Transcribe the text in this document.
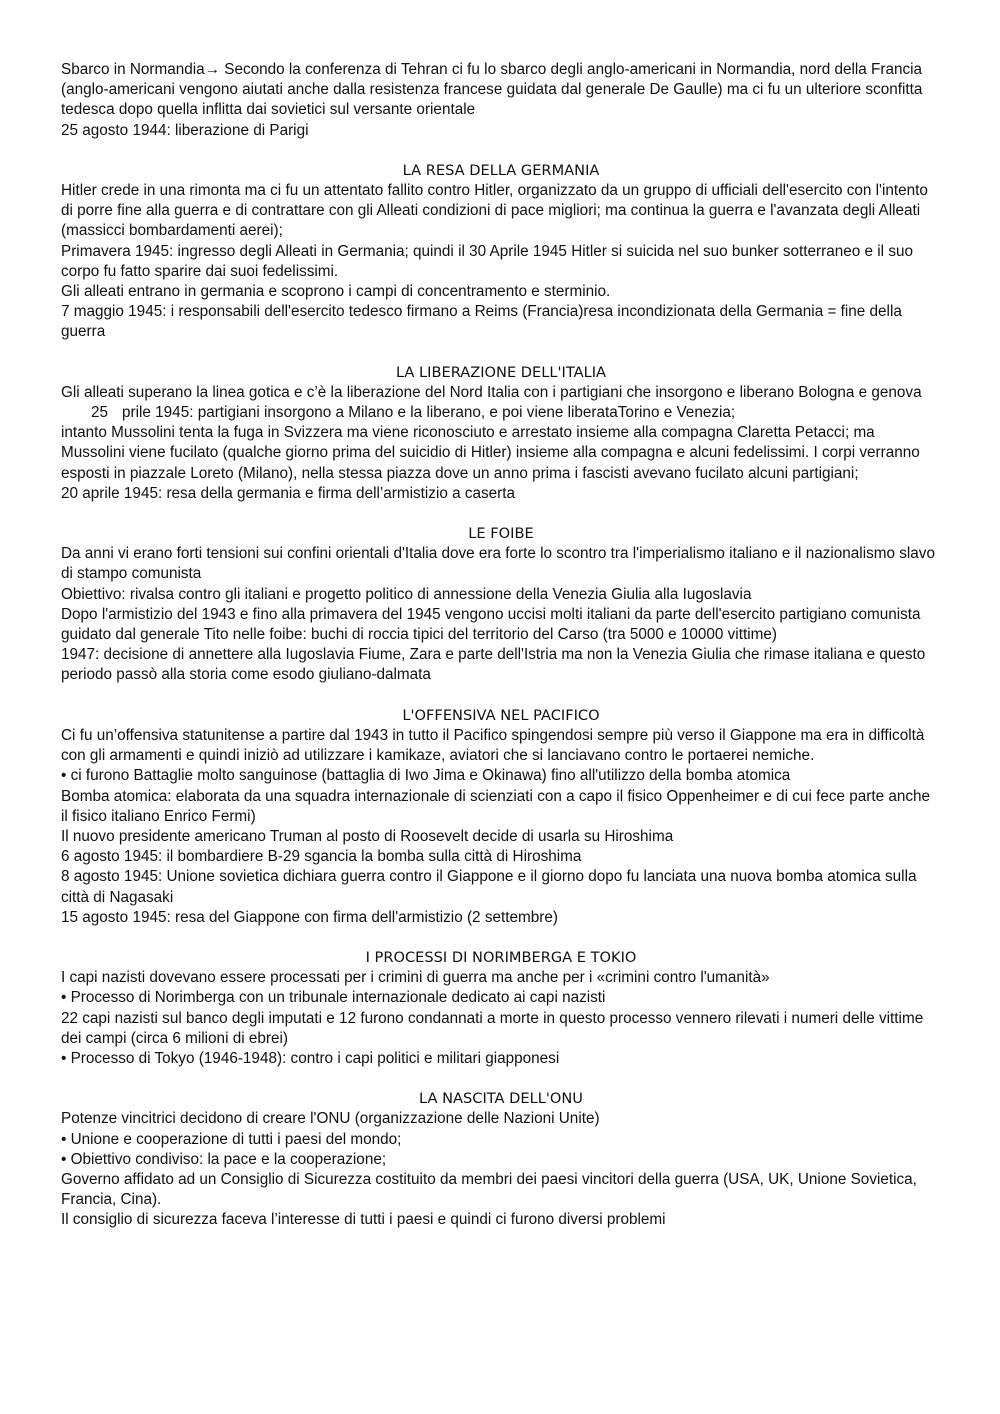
Sbarco in Normandia→ Secondo la conferenza di Tehran ci fu lo sbarco degli anglo-americani in Normandia, nord della Francia (anglo-americani vengono aiutati anche dalla resistenza francese guidata dal generale De Gaulle) ma ci fu un ulteriore sconfitta tedesca dopo quella inflitta dai sovietici sul versante orientale

25 agosto 1944: liberazione di Parigi

LA RESA DELLA GERMANIA

Hitler crede in una rimonta ma ci fu un attentato fallito contro Hitler, organizzato da un gruppo di ufficiali dell'esercito con l'intento di porre fine alla guerra e di contrattare con gli Alleati condizioni di pace migliori; ma continua la guerra e l'avanzata degli Alleati (massicci bombardamenti aerei);

Primavera 1945: ingresso degli Alleati in Germania; quindi il 30 Aprile 1945 Hitler si suicida nel suo bunker sotterraneo e il suo corpo fu fatto sparire dai suoi fedelissimi.

Gli alleati entrano in germania e scoprono i campi di concentramento e sterminio.

7 maggio 1945: i responsabili dell'esercito tedesco firmano a Reims (Francia)resa incondizionata della Germania = fine della guerra

LA LIBERAZIONE DELL'ITALIA

Gli alleati superano la linea gotica e c’è la liberazione del Nord Italia con i partigiani che insorgono e liberano Bologna e genova

25 prile 1945: partigiani insorgono a Milano e la liberano, e poi viene liberataTorino e Venezia;

intanto Mussolini tenta la fuga in Svizzera ma viene riconosciuto e arrestato insieme alla compagna Claretta Petacci; ma Mussolini viene fucilato (qualche giorno prima del suicidio di Hitler) insieme alla compagna e alcuni fedelissimi. I corpi verranno esposti in piazzale Loreto (Milano), nella stessa piazza dove un anno prima i fascisti avevano fucilato alcuni partigiani;

20 aprile 1945: resa della germania e firma dell’armistizio a caserta

LE FOIBE

Da anni vi erano forti tensioni sui confini orientali d'Italia dove era forte lo scontro tra l'imperialismo italiano e il nazionalismo slavo di stampo comunista

Obiettivo: rivalsa contro gli italiani e progetto politico di annessione della Venezia Giulia alla Iugoslavia

Dopo l'armistizio del 1943 e fino alla primavera del 1945 vengono uccisi molti italiani da parte dell'esercito partigiano comunista guidato dal generale Tito nelle foibe: buchi di roccia tipici del territorio del Carso (tra 5000 e 10000 vittime)

1947: decisione di annettere alla Iugoslavia Fiume, Zara e parte dell'Istria ma non la Venezia Giulia che rimase italiana e questo periodo passò alla storia come esodo giuliano-dalmata

L'OFFENSIVA NEL PACIFICO

Ci fu un’offensiva statunitense a partire dal 1943 in tutto il Pacifico spingendosi sempre più verso il Giappone ma era in difficoltà con gli armamenti e quindi iniziò ad utilizzare i kamikaze, aviatori che si lanciavano contro le portaerei nemiche.

• ci furono Battaglie molto sanguinose (battaglia di Iwo Jima e Okinawa) fino all'utilizzo della bomba atomica

Bomba atomica: elaborata da una squadra internazionale di scienziati con a capo il fisico Oppenheimer e di cui fece parte anche il fisico italiano Enrico Fermi)

Il nuovo presidente americano Truman al posto di Roosevelt decide di usarla su Hiroshima

6 agosto 1945: il bombardiere B-29 sgancia la bomba sulla città di Hiroshima

8 agosto 1945: Unione sovietica dichiara guerra contro il Giappone e il giorno dopo fu lanciata una nuova bomba atomica sulla città di Nagasaki

15 agosto 1945: resa del Giappone con firma dell'armistizio (2 settembre)

I PROCESSI DI NORIMBERGA E TOKIO

I capi nazisti dovevano essere processati per i crimini di guerra ma anche per i «crimini contro l'umanità»

• Processo di Norimberga con un tribunale internazionale dedicato ai capi nazisti

22 capi nazisti sul banco degli imputati e 12 furono condannati a morte in questo processo vennero rilevati i numeri delle vittime dei campi (circa 6 milioni di ebrei)

• Processo di Tokyo (1946-1948): contro i capi politici e militari giapponesi

LA NASCITA DELL'ONU

Potenze vincitrici decidono di creare l'ONU (organizzazione delle Nazioni Unite)

• Unione e cooperazione di tutti i paesi del mondo;

• Obiettivo condiviso: la pace e la cooperazione;

Governo affidato ad un Consiglio di Sicurezza costituito da membri dei paesi vincitori della guerra (USA, UK, Unione Sovietica, Francia, Cina).

Il consiglio di sicurezza faceva l’interesse di tutti i paesi e quindi ci furono diversi problemi
